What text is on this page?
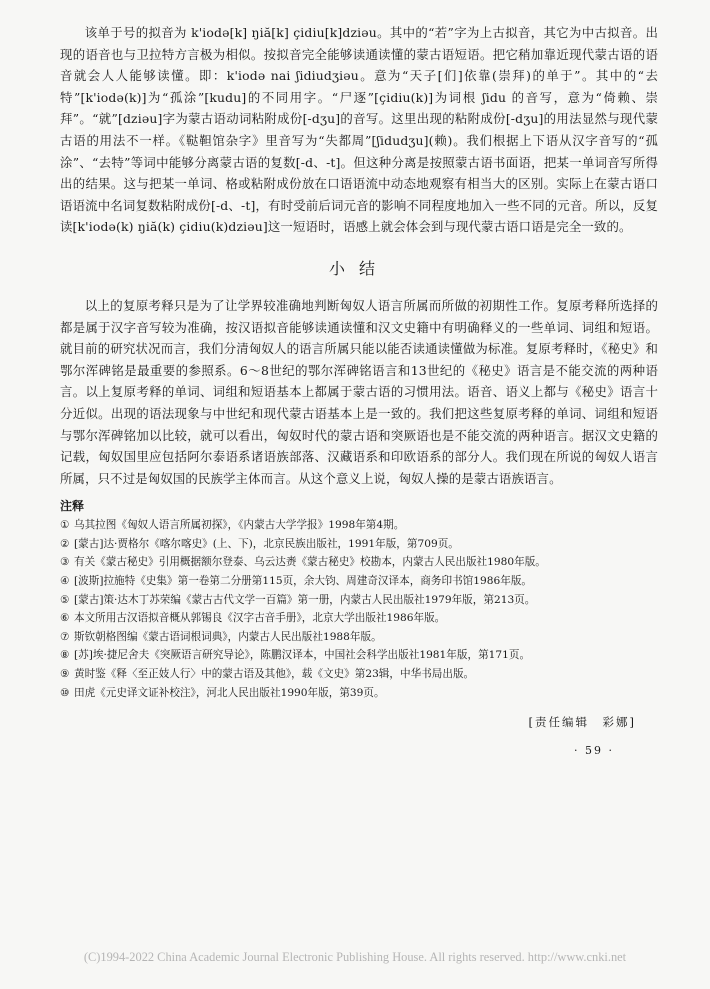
该单于号的拟音为 k'iodə[k] ŋiă[k] çidiu[k]dziəu。其中的“若”字为上古拟音，其它为中古拟音。出现的语音也与卫拉特方言极为相似。按拟音完全能够读通读懂的蒙古语短语。把它稍加靠近现代蒙古语的语音就会人人能够读懂。即：k'iodə nai ʃidiudʒiəu。意为“天子[们]依靠(崇拜)的单于”。其中的“去特”[k'iodə(k)]为“孤涂”[kudu]的不同用字。“尸逐”[çidiu(k)]为词根 ʃidu 的音写，意为“倚赖、崇拜”。“就”[dziəu]字为蒙古语动词粘附成份[-dʒu]的音写。这里出现的粘附成份[-dʒu]的用法显然与现代蒙古语的用法不一样。《鞑靼馆杂字》里音写为“失都周”[ʃidudʒu](赖)。我们根据上下语从汉字音写的“孤涂”、“去特”等词中能够分离蒙古语的复数[-d、-t]。但这种分离是按照蒙古语书面语，把某一单词音写所得出的结果。这与把某一单词、格或粘附成份放在口语语流中动态地观察有相当大的区别。实际上在蒙古语口语语流中名词复数粘附成份[-d、-t]，有时受前后词元音的影响不同程度地加入一些不同的元音。所以，反复读[k'iodə(k) ŋiă(k) çidiu(k)dziəu]这一短语时，语感上就会体会到与现代蒙古语口语是完全一致的。

小结

以上的复原考释只是为了让学界较准确地判断匈奴人语言所属而所做的初期性工作。复原考释所选择的都是属于汉字音写较为准确，按汉语拟音能够读通读懂和汉文史籍中有明确释义的一些单词、词组和短语。就目前的研究状况而言，我们分清匈奴人的语言所属只能以能否读通读懂做为标准。复原考释时，《秘史》和鄂尔浑碑铭是最重要的参照系。6～8世纪的鄂尔浑碑铭语言和13世纪的《秘史》语言是不能交流的两种语言。以上复原考释的单词、词组和短语基本上都属于蒙古语的习惯用法。语音、语义上都与《秘史》语言十分近似。出现的语法现象与中世纪和现代蒙古语基本上是一致的。我们把这些复原考释的单词、词组和短语与鄂尔浑碑铭加以比较，就可以看出，匈奴时代的蒙古语和突厥语也是不能交流的两种语言。据汉文史籍的记载，匈奴国里应包括阿尔泰语系诸语族部落、汉藏语系和印欧语系的部分人。我们现在所说的匈奴人语言所属，只不过是匈奴国的民族学主体而言。从这个意义上说，匈奴人操的是蒙古语族语言。

注释
① 乌其拉图《匈奴人语言所属初探》，《内蒙古大学学报》1998年第4期。
② [蒙古]达·贾格尔《喀尔喀史》(上、下)，北京民族出版社，1991年版，第709页。
③ 有关《蒙古秘史》引用概据额尔登泰、乌云达赉《蒙古秘史》校勘本，内蒙古人民出版社1980年版。
④ [波斯]拉施特《史集》第一卷第二分册第115页，余大钧、周建奇汉译本，商务印书馆1986年版。
⑤ [蒙古]策·达木丁苏荣编《蒙古古代文学一百篇》第一册，内蒙古人民出版社1979年版，第213页。
⑥ 本文所用古汉语拟音概从郭锡良《汉字古音手册》，北京大学出版社1986年版。
⑦ 斯钦朝格图编《蒙古语词根词典》，内蒙古人民出版社1988年版。
⑧ [苏]埃·捷尼舍夫《突厥语言研究导论》，陈鹏汉译本，中国社会科学出版社1981年版，第171页。
⑨ 黄时鉴《释〈至正妓人行〉中的蒙古语及其他》，载《文史》第23辑，中华书局出版。
⑩ 田虎《元史译文证补校注》，河北人民出版社1990年版，第39页。
[责任编辑　彩娜]
· 59 ·
(C)1994-2022 China Academic Journal Electronic Publishing House. All rights reserved. http://www.cnki.net
